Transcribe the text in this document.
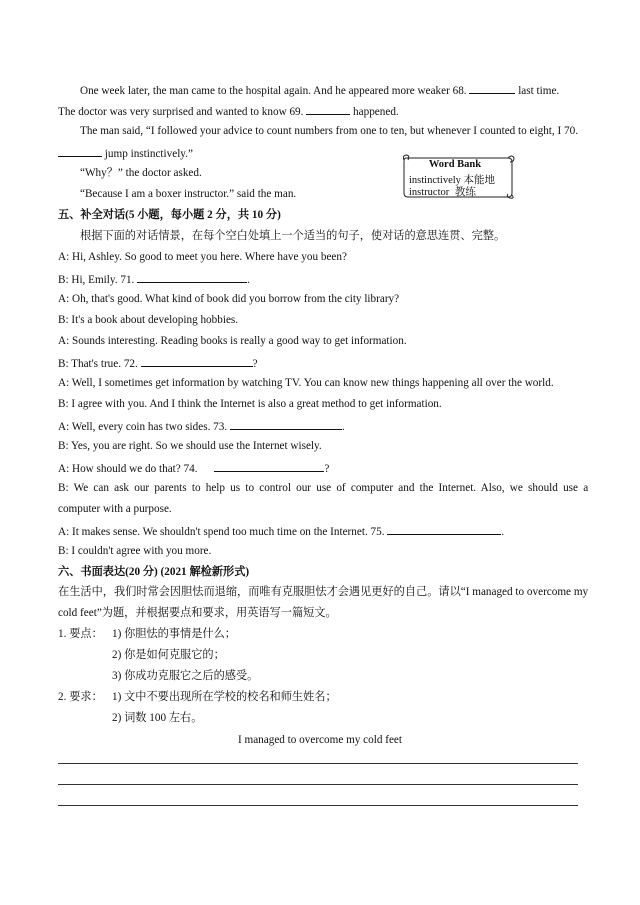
One week later, the man came to the hospital again. And he appeared more weaker 68.	last time.
The doctor was very surprised and wanted to know 69.	happened.
The man said, “I followed your advice to count numbers from one to ten, but whenever I counted to eight, I 70.
jump instinctively.”
“Why？” the doctor asked.
“Because I am a boxer instructor.” said the man.
Word Bank
instinctively 本能地
instructor 教练
五、补全对话(5 小题，每小题 2 分，共 10 分)
根据下面的对话情景，在每个空白处填上一个适当的句子，使对话的意思连贯、完整。
A: Hi, Ashley. So good to meet you here. Where have you been?
B: Hi, Emily. 71.	.
A: Oh, that's good. What kind of book did you borrow from the city library?
B: It's a book about developing hobbies.
A: Sounds interesting. Reading books is really a good way to get information.
B: That's true. 72.	?
A: Well, I sometimes get information by watching TV. You can know new things happening all over the world.
B: I agree with you. And I think the Internet is also a great method to get information.
A: Well, every coin has two sides. 73.	.
B: Yes, you are right. So we should use the Internet wisely.
A: How should we do that? 74.	?
B: We can ask our parents to help us to control our use of computer and the Internet. Also, we should use a
computer with a purpose.
A: It makes sense. We shouldn't spend too much time on the Internet. 75.	.
B: I couldn't agree with you more.
六、书面表达(20 分) (2021 解检新形式)
在生活中，我们时常会因胆怯而退缩，而唯有克服胆怯才会遇见更好的自己。请以“I managed to overcome my
cold feet”为题，并根据要点和要求，用英语写一篇短文。
1. 要点： 1) 你胆怯的事情是什么；
2) 你是如何克服它的；
3) 你成功克服它之后的感受。
2. 要求： 1) 文中不要出现所在学校的校名和师生姓名；
2) 词数 100 左右。
I managed to overcome my cold feet
